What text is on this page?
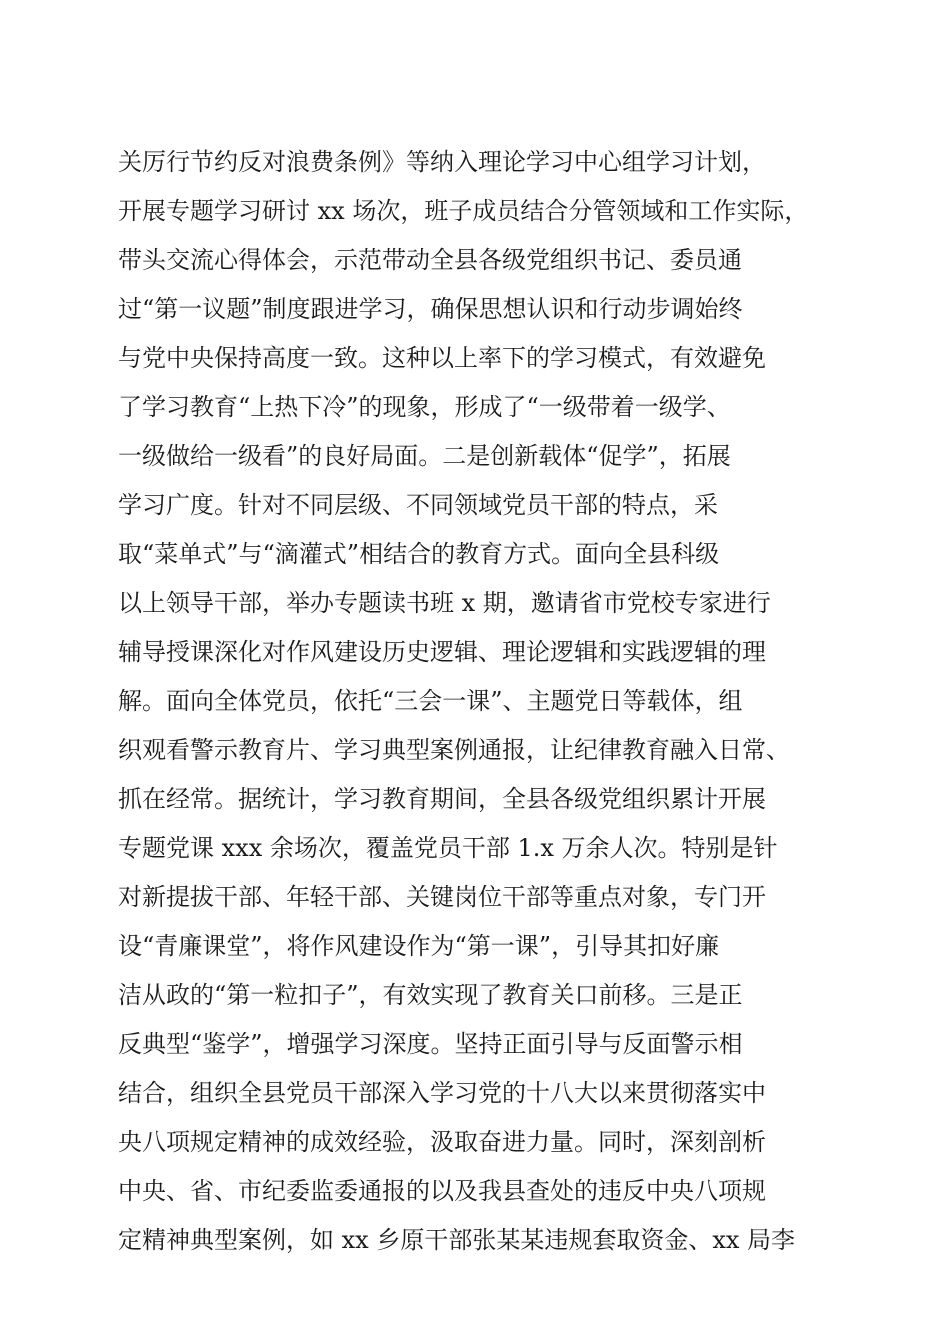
关厉行节约反对浪费条例》等纳入理论学习中心组学习计划，
开展专题学习研讨 xx 场次，班子成员结合分管领域和工作实际，
带头交流心得体会，示范带动全县各级党组织书记、委员通
过“第一议题”制度跟进学习，确保思想认识和行动步调始终
与党中央保持高度一致。这种以上率下的学习模式，有效避免
了学习教育“上热下冷”的现象，形成了“一级带着一级学、
一级做给一级看”的良好局面。二是创新载体“促学”，拓展
学习广度。针对不同层级、不同领域党员干部的特点，采
取“菜单式”与“滴灌式”相结合的教育方式。面向全县科级
以上领导干部，举办专题读书班 x 期，邀请省市党校专家进行
辅导授课深化对作风建设历史逻辑、理论逻辑和实践逻辑的理
解。面向全体党员，依托“三会一课”、主题党日等载体，组
织观看警示教育片、学习典型案例通报，让纪律教育融入日常、
抓在经常。据统计，学习教育期间，全县各级党组织累计开展
专题党课 xxx 余场次，覆盖党员干部 1.x 万余人次。特别是针
对新提拔干部、年轻干部、关键岗位干部等重点对象，专门开
设“青廉课堂”，将作风建设作为“第一课”，引导其扣好廉
洁从政的“第一粒扣子”，有效实现了教育关口前移。三是正
反典型“鉴学”，增强学习深度。坚持正面引导与反面警示相
结合，组织全县党员干部深入学习党的十八大以来贯彻落实中
央八项规定精神的成效经验，汲取奋进力量。同时，深刻剖析
中央、省、市纪委监委通报的以及我县查处的违反中央八项规
定精神典型案例，如 xx 乡原干部张某某违规套取资金、xx 局李
